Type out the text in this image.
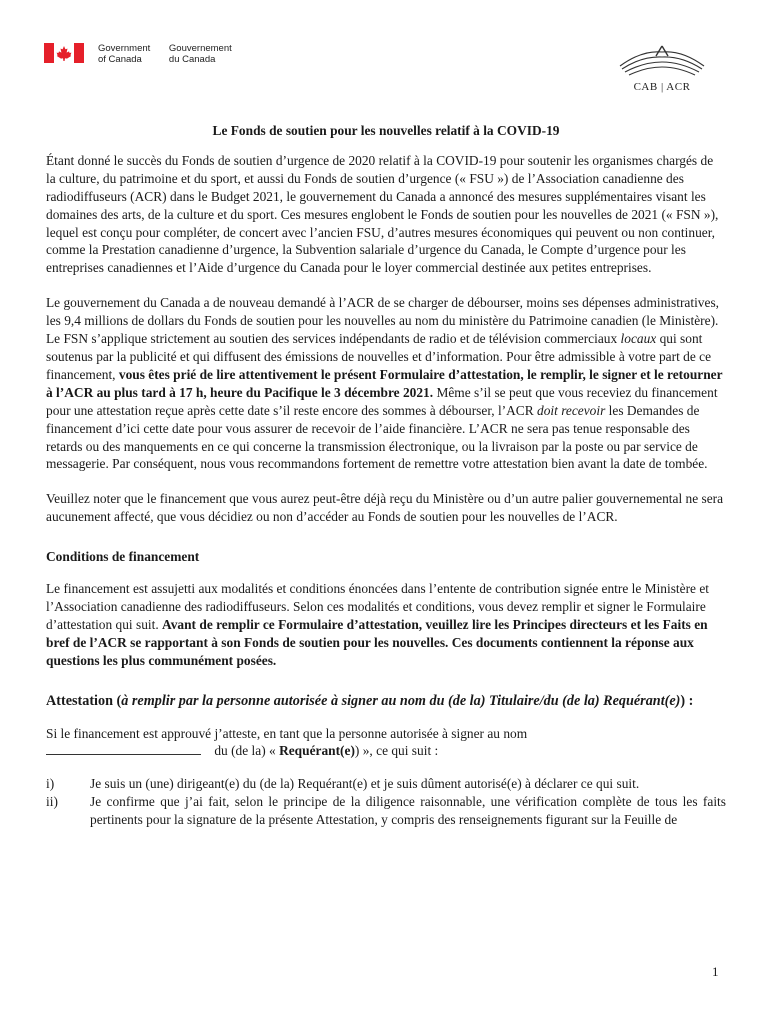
Government
of Canada

Gouvernement
du Canada
CAB | ACR
Le Fonds de soutien pour les nouvelles relatif à la COVID-19

Étant donné le succès du Fonds de soutien d’urgence de 2020 relatif à la COVID-19 pour soutenir les organismes chargés de la culture, du patrimoine et du sport, et aussi du Fonds de soutien d’urgence (« FSU ») de l’Association canadienne des radiodiffuseurs (ACR) dans le Budget 2021, le gouvernement du Canada a annoncé des mesures supplémentaires visant les domaines des arts, de la culture et du sport. Ces mesures englobent le Fonds de soutien pour les nouvelles de 2021 (« FSN »), lequel est conçu pour compléter, de concert avec l’ancien FSU, d’autres mesures économiques qui peuvent ou non continuer, comme la Prestation canadienne d’urgence, la Subvention salariale d’urgence du Canada, le Compte d’urgence pour les entreprises canadiennes et l’Aide d’urgence du Canada pour le loyer commercial destinée aux petites entreprises.

Le gouvernement du Canada a de nouveau demandé à l’ACR de se charger de débourser, moins ses dépenses administratives, les 9,4 millions de dollars du Fonds de soutien pour les nouvelles au nom du ministère du Patrimoine canadien (le Ministère). Le FSN s’applique strictement au soutien des services indépendants de radio et de télévision commerciaux locaux qui sont soutenus par la publicité et qui diffusent des émissions de nouvelles et d’information. Pour être admissible à votre part de ce financement, vous êtes prié de lire attentivement le présent Formulaire d’attestation, le remplir, le signer et le retourner à l’ACR au plus tard à 17 h, heure du Pacifique le 3 décembre 2021. Même s’il se peut que vous receviez du financement pour une attestation reçue après cette date s’il reste encore des sommes à débourser, l’ACR doit recevoir les Demandes de financement d’ici cette date pour vous assurer de recevoir de l’aide financière. L’ACR ne sera pas tenue responsable des retards ou des manquements en ce qui concerne la transmission électronique, ou la livraison par la poste ou par service de messagerie. Par conséquent, nous vous recommandons fortement de remettre votre attestation bien avant la date de tombée.

Veuillez noter que le financement que vous aurez peut-être déjà reçu du Ministère ou d’un autre palier gouvernemental ne sera aucunement affecté, que vous décidiez ou non d’accéder au Fonds de soutien pour les nouvelles de l’ACR.

Conditions de financement

Le financement est assujetti aux modalités et conditions énoncées dans l’entente de contribution signée entre le Ministère et l’Association canadienne des radiodiffuseurs. Selon ces modalités et conditions, vous devez remplir et signer le Formulaire d’attestation qui suit. Avant de remplir ce Formulaire d’attestation, veuillez lire les Principes directeurs et les Faits en bref de l’ACR se rapportant à son Fonds de soutien pour les nouvelles. Ces documents contiennent la réponse aux questions les plus communément posées.

Attestation (à remplir par la personne autorisée à signer au nom du (de la) Titulaire/du (de la) Requérant(e)) :
Si le financement est approuvé j’atteste, en tant que la personne autorisée à signer au nom
du (de la) « Requérant(e)) », ce qui suit :
i)	Je suis un (une) dirigeant(e) du (de la) Requérant(e) et je suis dûment autorisé(e) à déclarer ce qui suit.
ii)	Je confirme que j’ai fait, selon le principe de la diligence raisonnable, une vérification complète de tous les faits pertinents pour la signature de la présente Attestation, y compris des renseignements figurant sur la Feuille de
1
